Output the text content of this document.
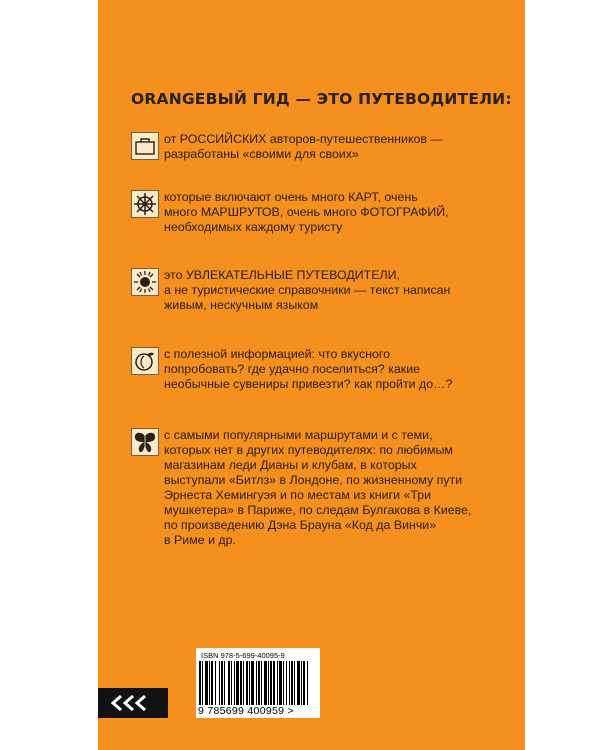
ORANGEВЫЙ ГИД — ЭТО ПУТЕВОДИТЕЛИ:
от РОССИЙСКИХ авторов-путешественников —
разработаны «своими для своих»
которые включают очень много КАРТ, очень
много МАРШРУТОВ, очень много ФОТОГРАФИЙ,
необходимых каждому туристу
это УВЛЕКАТЕЛЬНЫЕ ПУТЕВОДИТЕЛИ,
а не туристические справочники — текст написан
живым, нескучным языком
с полезной информацией: что вкусного
попробовать? где удачно поселиться? какие
необычные сувениры привезти? как пройти до…?
с самыми популярными маршрутами и с теми,
которых нет в других путеводителях: по любимым
магазинам леди Дианы и клубам, в которых
выступали «Битлз» в Лондоне, по жизненному пути
Эрнеста Хемингуэя и по местам из книги «Три
мушкетера» в Париже, по следам Булгакова в Киеве,
по произведению Дэна Брауна «Код да Винчи»
в Риме и др.
ISBN 978-5-699-40095-9
9 785699 400959 >
